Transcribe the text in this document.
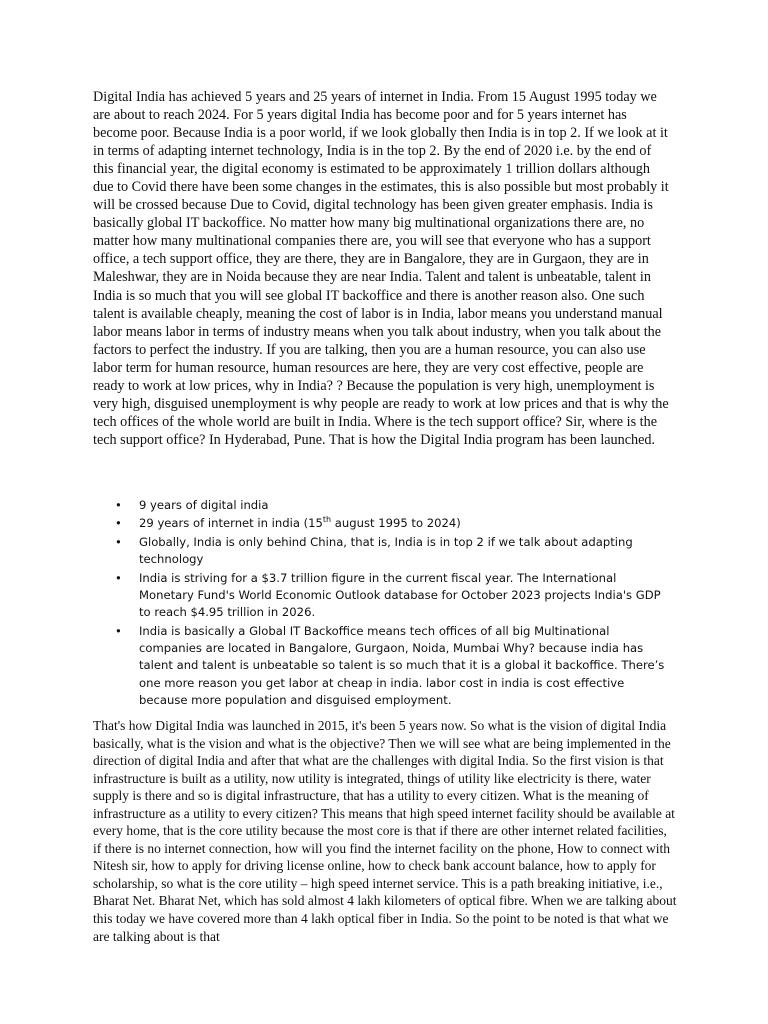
Digital India has achieved 5 years and 25 years of internet in India. From 15 August 1995 today we are about to reach 2024. For 5 years digital India has become poor and for 5 years internet has become poor. Because India is a poor world, if we look globally then India is in top 2. If we look at it in terms of adapting internet technology, India is in the top 2. By the end of 2020 i.e. by the end of this financial year, the digital economy is estimated to be approximately 1 trillion dollars although due to Covid there have been some changes in the estimates, this is also possible but most probably it will be crossed because Due to Covid, digital technology has been given greater emphasis. India is basically global IT backoffice. No matter how many big multinational organizations there are, no matter how many multinational companies there are, you will see that everyone who has a support office, a tech support office, they are there, they are in Bangalore, they are in Gurgaon, they are in Maleshwar, they are in Noida because they are near India. Talent and talent is unbeatable, talent in India is so much that you will see global IT backoffice and there is another reason also. One such talent is available cheaply, meaning the cost of labor is in India, labor means you understand manual labor means labor in terms of industry means when you talk about industry, when you talk about the factors to perfect the industry. If you are talking, then you are a human resource, you can also use labor term for human resource, human resources are here, they are very cost effective, people are ready to work at low prices, why in India? ? Because the population is very high, unemployment is very high, disguised unemployment is why people are ready to work at low prices and that is why the tech offices of the whole world are built in India. Where is the tech support office? Sir, where is the tech support office? In Hyderabad, Pune. That is how the Digital India program has been launched.

• 9 years of digital india
• 29 years of internet in india (15th august 1995 to 2024)
• Globally, India is only behind China, that is, India is in top 2 if we talk about adapting technology
• India is striving for a $3.7 trillion figure in the current fiscal year. The International Monetary Fund's World Economic Outlook database for October 2023 projects India's GDP to reach $4.95 trillion in 2026.
• India is basically a Global IT Backoffice means tech offices of all big Multinational companies are located in Bangalore, Gurgaon, Noida, Mumbai Why? because india has talent and talent is unbeatable so talent is so much that it is a global it backoffice. There’s one more reason you get labor at cheap in india. labor cost in india is cost effective because more population and disguised employment.

That's how Digital India was launched in 2015, it's been 5 years now. So what is the vision of digital India basically, what is the vision and what is the objective? Then we will see what are being implemented in the direction of digital India and after that what are the challenges with digital India. So the first vision is that infrastructure is built as a utility, now utility is integrated, things of utility like electricity is there, water supply is there and so is digital infrastructure, that has a utility to every citizen. What is the meaning of infrastructure as a utility to every citizen? This means that high speed internet facility should be available at every home, that is the core utility because the most core is that if there are other internet related facilities, if there is no internet connection, how will you find the internet facility on the phone, How to connect with Nitesh sir, how to apply for driving license online, how to check bank account balance, how to apply for scholarship, so what is the core utility – high speed internet service. This is a path breaking initiative, i.e., Bharat Net. Bharat Net, which has sold almost 4 lakh kilometers of optical fibre. When we are talking about this today we have covered more than 4 lakh optical fiber in India. So the point to be noted is that what we are talking about is that
